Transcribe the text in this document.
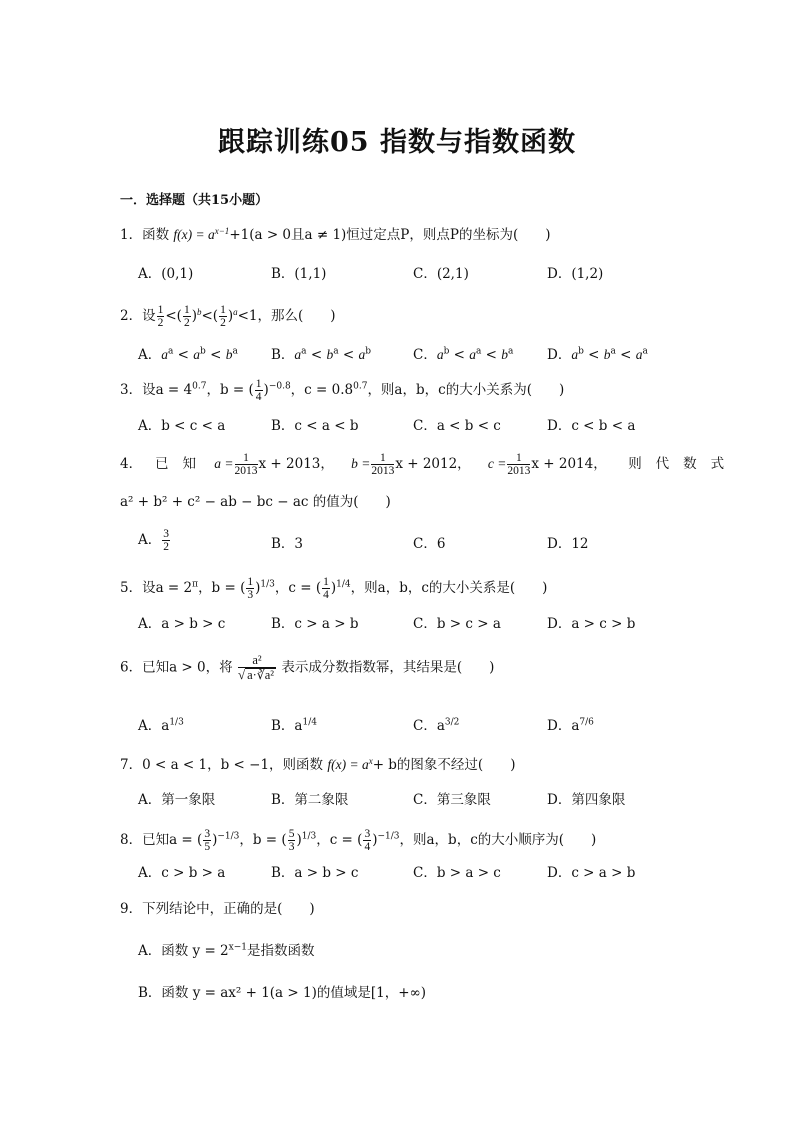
跟踪训练05 指数与指数函数
一．选择题（共15小题）
1．函数 $f(x) = a^{x-1}+1(a > 0$且a ≠ 1)恒过定点P，则点P的坐标为(　　)
A．(0,1)	B．(1,1)	C．(2,1)	D．(1,2)
2．设 $\frac{1}{2}$ <( $\frac{1}{2} )^b<( \frac{1}{2} )^a<1$，那么(　　)
A．$a^a < a^b < b^a$ B．$a^a < b^a < a^b$	C．$a^b < a^a < b^a$ D．$a^b < b^a < a^a$
3．设$a = 4^{0.7}$，b = ( $\frac{1}{4} )^{-0.8}$，$c = 0.8^{0.7}$，则a，b，c的大小关系为(　　)
A．b < c < a	B．c < a < b	C．a < b < c	D．c < b < a
4． 已知 $a = \frac{1}{2013}$ x + 2013， $b = \frac{1}{2013}$ x + 2012， $c = \frac{1}{2013}$ x + 2014， 则代数式
a² + b² + c² − ab − bc − ac 的值为(　　)
A． $\frac{3}{2}$	B．3	C．6	D．12
5．设$a = 2^\pi$，b = ( $\frac{1}{3} )^{1/3}$，c = ( $\frac{1}{4} )^{1/4}$，则a，b，c的大小关系是(　　)
A．a > b > c	B．c > a > b	C．b > c > a	D．a > c > b
6．已知a > 0，将 $\frac{\text{a²}}{\text{√ a·∛a²}}$ 表示成分数指数幂，其结果是(　　)
A．$a^{1/3}$	B．$a^{1/4}$	C．$a^{3/2}$	D．$a^{7/6}$
7．0 < a < 1，b < −1，则函数 $f(x) = a^x+ b$的图象不经过(　　)
A．第一象限	B．第二象限	C．第三象限	D．第四象限
8．已知a = ( $\frac{3}{5} )^{-1/3}$，b = ( $\frac{5}{3} )^{1/3}$，c = ( $\frac{3}{4} )^{-1/3}$，则a，b，c的大小顺序为(　　)
A．c > b > a	B．a > b > c	C．b > a > c	D．c > a > b
9．下列结论中，正确的是(　　)
A．函数 $y = 2^{x-1}$是指数函数
B．函数 y = ax² + 1(a > 1)的值域是[1，+∞)
